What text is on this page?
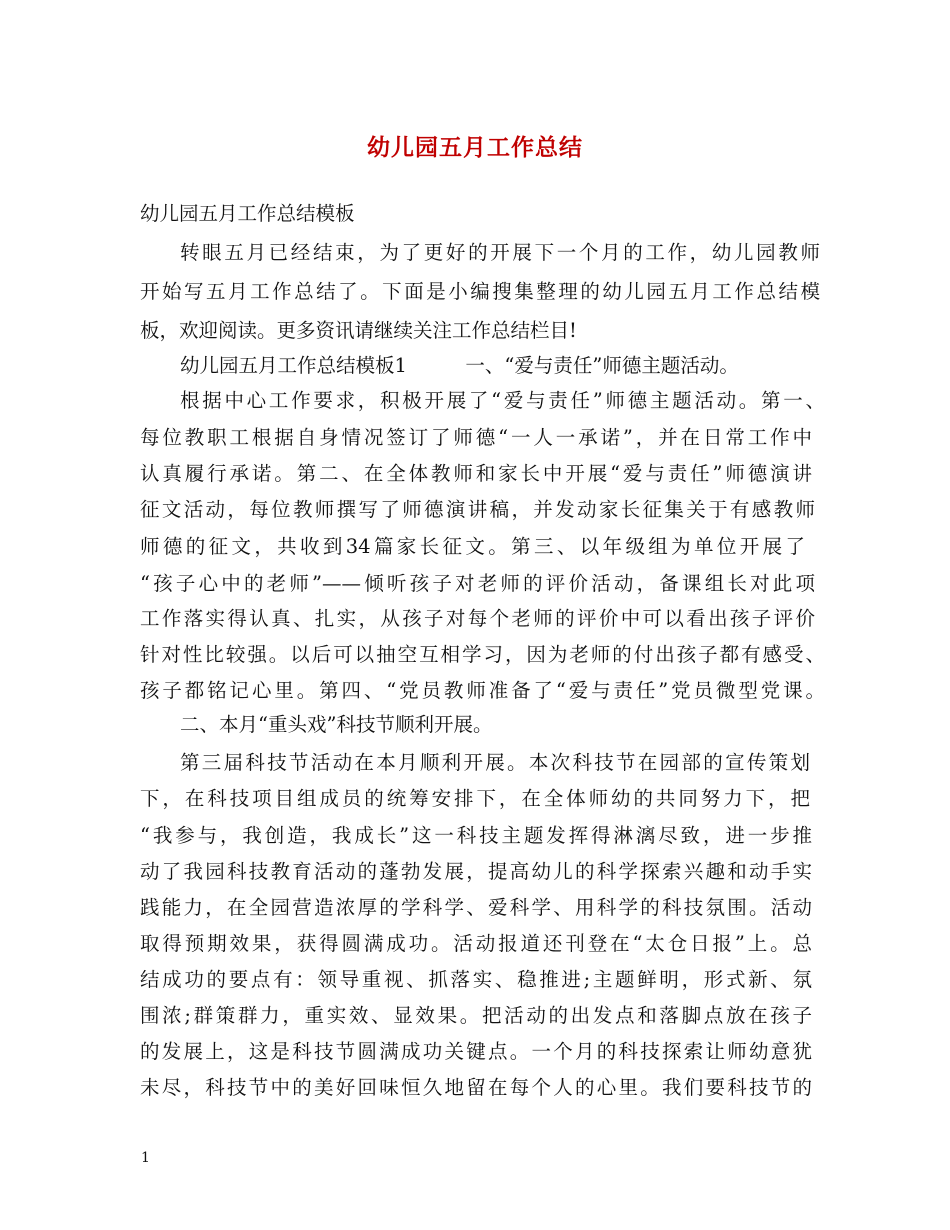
幼儿园五月工作总结
幼儿园五月工作总结模板
转眼五月已经结束，为了更好的开展下一个月的工作，幼儿园教师
开始写五月工作总结了。下面是小编搜集整理的幼儿园五月工作总结模
板，欢迎阅读。更多资讯请继续关注工作总结栏目!
幼儿园五月工作总结模板1　　　一、“爱与责任”师德主题活动。
根据中心工作要求，积极开展了“爱与责任”师德主题活动。第一、
每位教职工根据自身情况签订了师德“一人一承诺”，并在日常工作中
认真履行承诺。第二、在全体教师和家长中开展“爱与责任”师德演讲
征文活动，每位教师撰写了师德演讲稿，并发动家长征集关于有感教师
师德的征文，共收到34篇家长征文。第三、以年级组为单位开展了
“孩子心中的老师”——倾听孩子对老师的评价活动，备课组长对此项
工作落实得认真、扎实，从孩子对每个老师的评价中可以看出孩子评价
针对性比较强。以后可以抽空互相学习，因为老师的付出孩子都有感受、
孩子都铭记心里。第四、“党员教师准备了“爱与责任”党员微型党课。
二、本月“重头戏”科技节顺利开展。
第三届科技节活动在本月顺利开展。本次科技节在园部的宣传策划
下，在科技项目组成员的统筹安排下，在全体师幼的共同努力下，把
“我参与，我创造，我成长”这一科技主题发挥得淋漓尽致，进一步推
动了我园科技教育活动的蓬勃发展，提高幼儿的科学探索兴趣和动手实
践能力，在全园营造浓厚的学科学、爱科学、用科学的科技氛围。活动
取得预期效果，获得圆满成功。活动报道还刊登在“太仓日报”上。总
结成功的要点有：领导重视、抓落实、稳推进;主题鲜明，形式新、氛
围浓;群策群力，重实效、显效果。把活动的出发点和落脚点放在孩子
的发展上，这是科技节圆满成功关键点。一个月的科技探索让师幼意犹
未尽，科技节中的美好回味恒久地留在每个人的心里。我们要科技节的
1
